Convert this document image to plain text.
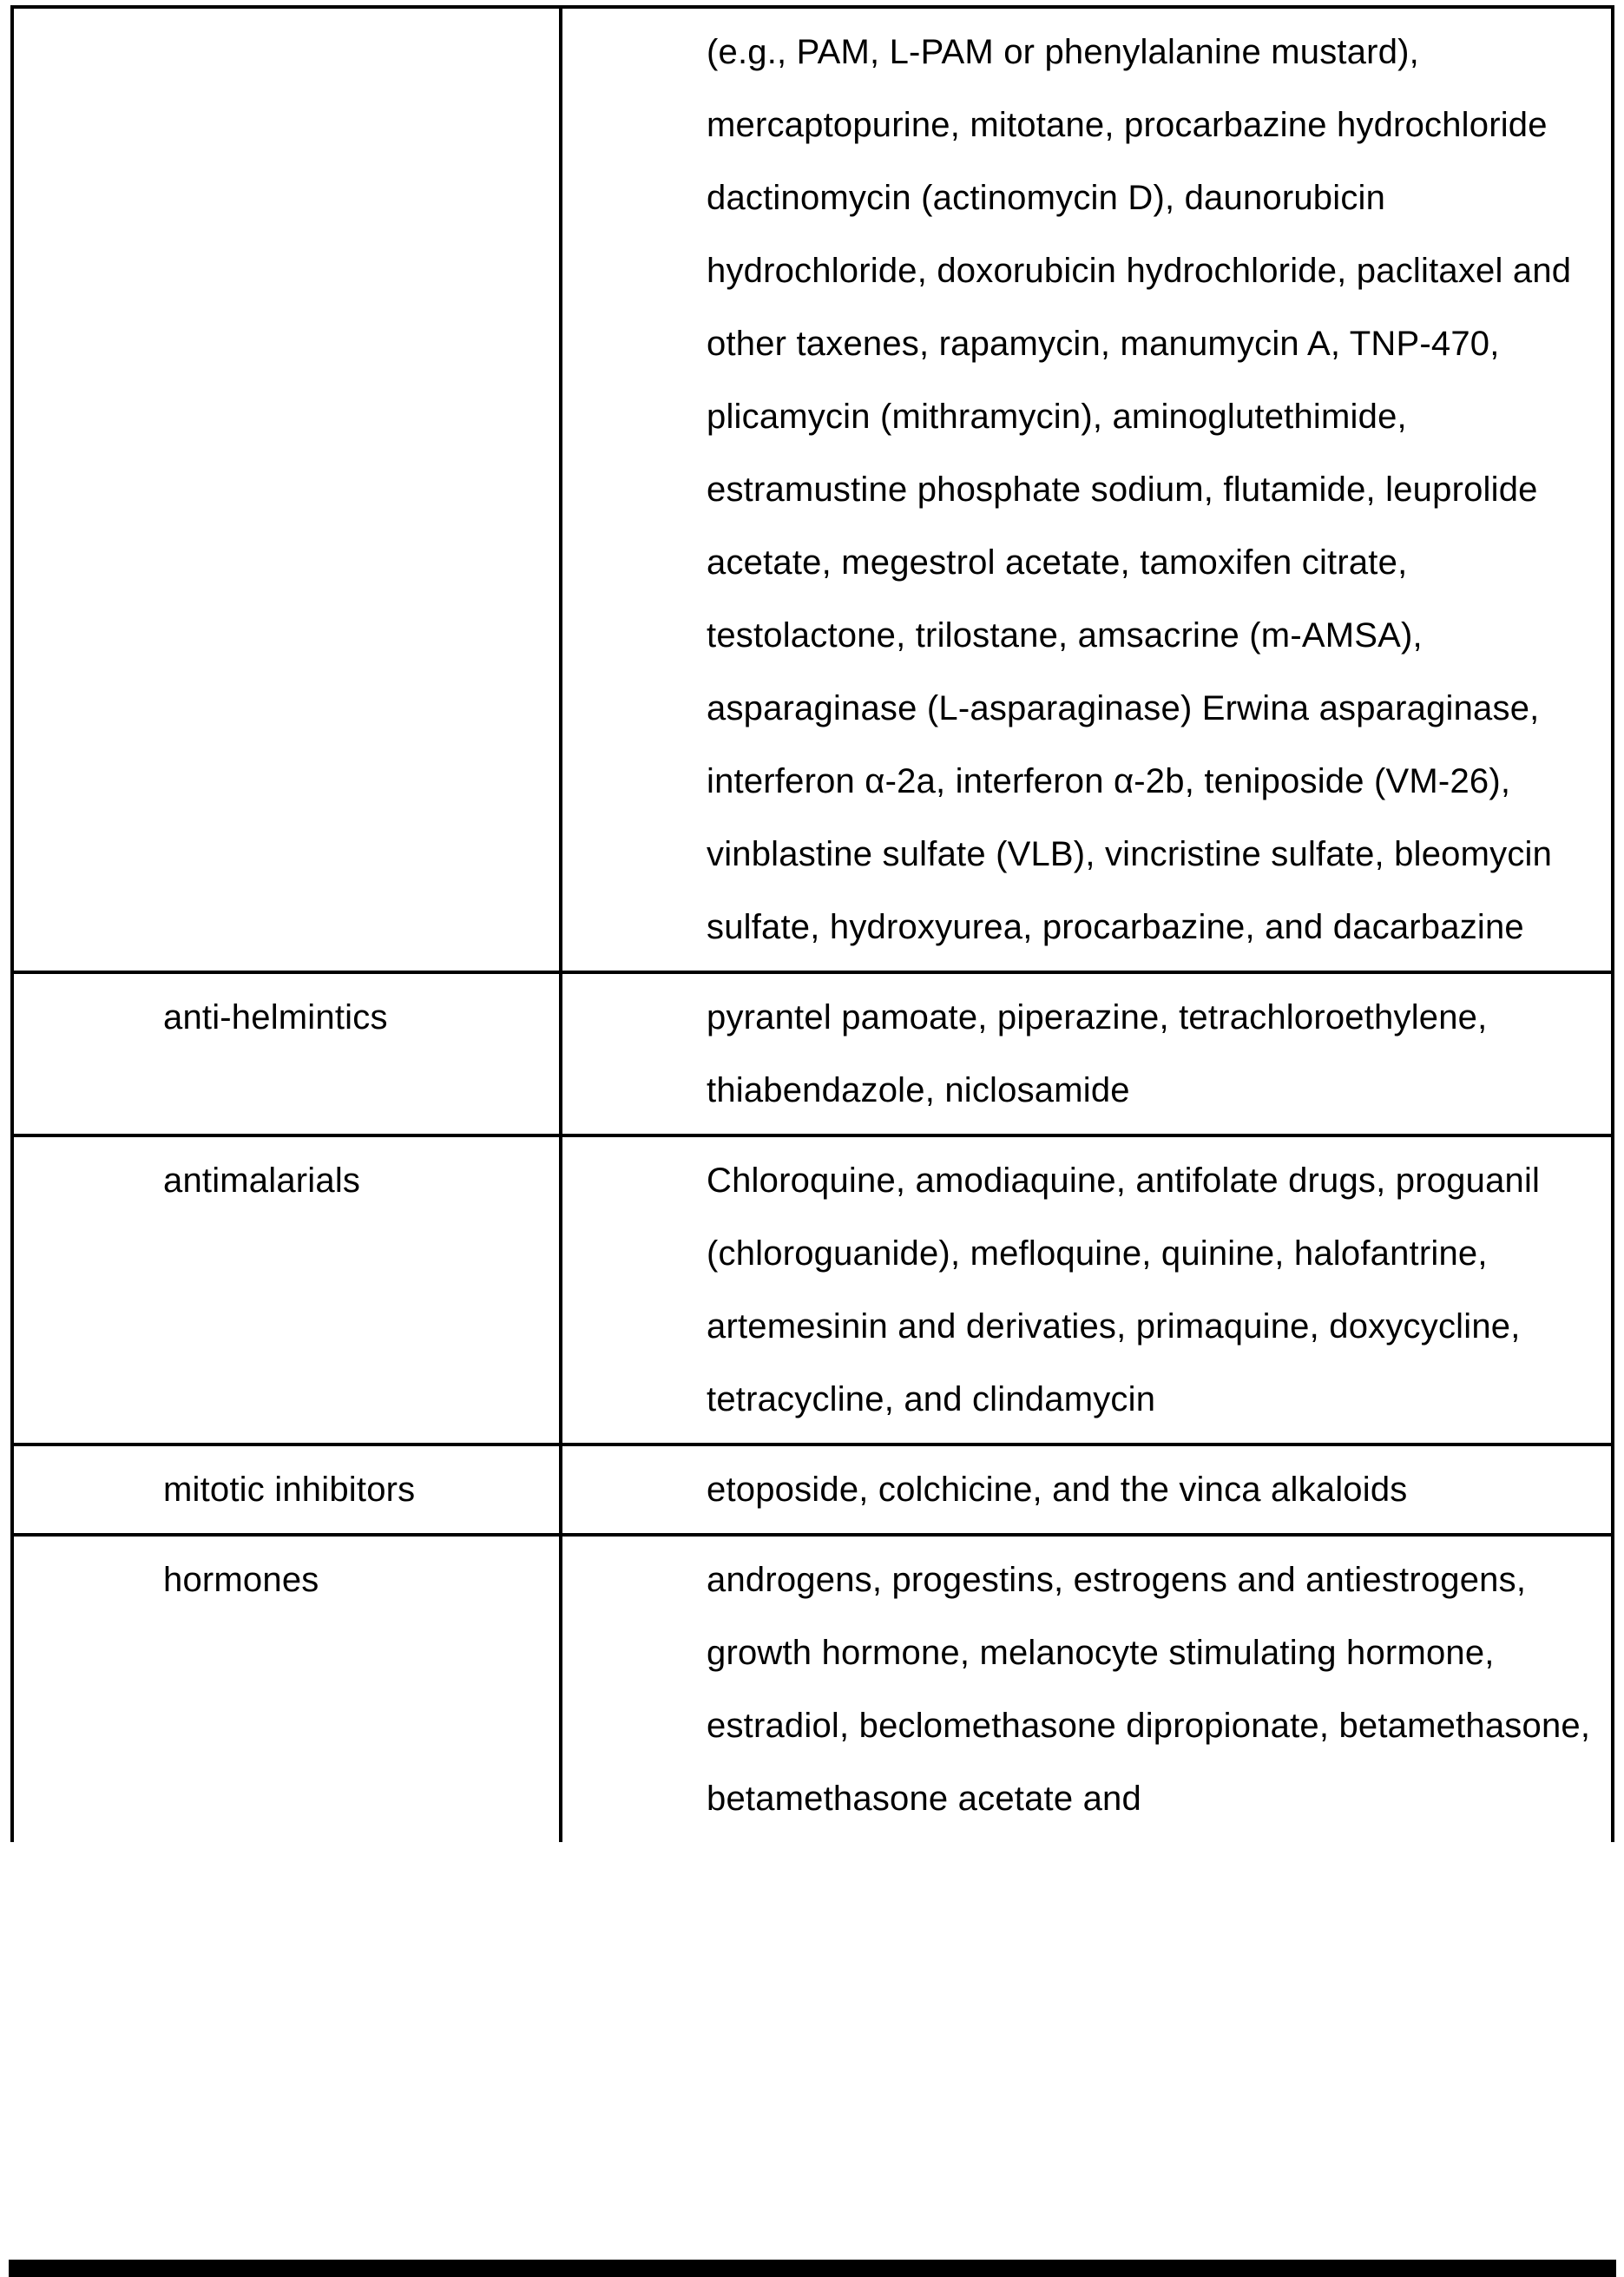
(e.g., PAM, L-PAM or phenylalanine mustard), mercaptopurine, mitotane, procarbazine hydrochloride dactinomycin (actinomycin D), daunorubicin hydrochloride, doxorubicin hydrochloride, paclitaxel and other taxenes, rapamycin, manumycin A, TNP-470, plicamycin (mithramycin), aminoglutethimide, estramustine phosphate sodium, flutamide, leuprolide acetate, megestrol acetate, tamoxifen citrate, testolactone, trilostane, amsacrine (m-AMSA), asparaginase (L-asparaginase) Erwina asparaginase, interferon α-2a, interferon α-2b, teniposide (VM-26), vinblastine sulfate (VLB), vincristine sulfate, bleomycin sulfate, hydroxyurea, procarbazine, and dacarbazine
anti-helmintics	pyrantel pamoate, piperazine, tetrachloroethylene, thiabendazole, niclosamide
antimalarials	Chloroquine, amodiaquine, antifolate drugs, proguanil (chloroguanide), mefloquine, quinine, halofantrine, artemesinin and derivaties, primaquine, doxycycline, tetracycline, and clindamycin
mitotic inhibitors	etoposide, colchicine, and the vinca alkaloids
hormones	androgens, progestins, estrogens and antiestrogens, growth hormone, melanocyte stimulating hormone, estradiol, beclomethasone dipropionate, betamethasone, betamethasone acetate and
